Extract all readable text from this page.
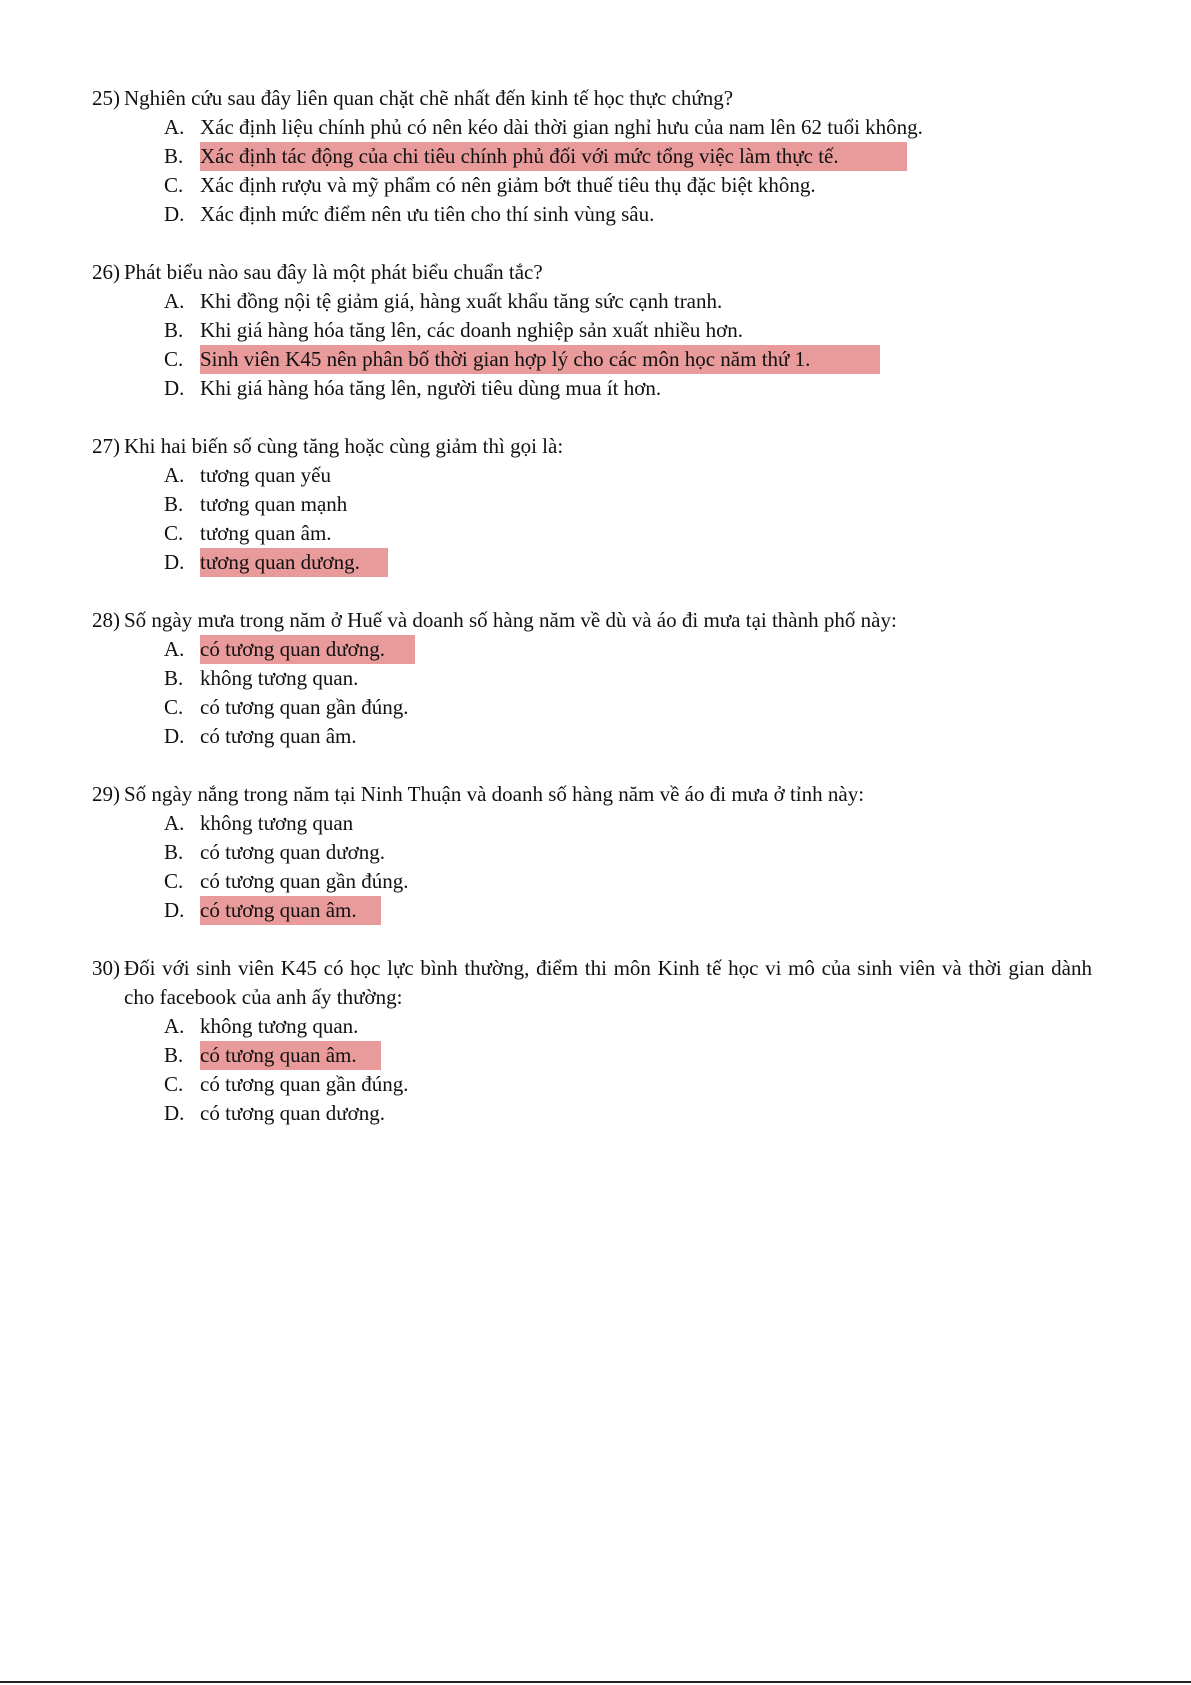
25) Nghiên cứu sau đây liên quan chặt chẽ nhất đến kinh tế học thực chứng?

A. Xác định liệu chính phủ có nên kéo dài thời gian nghỉ hưu của nam lên 62 tuổi không.
B. Xác định tác động của chi tiêu chính phủ đối với mức tổng việc làm thực tế.
C. Xác định rượu và mỹ phẩm có nên giảm bớt thuế tiêu thụ đặc biệt không.
D. Xác định mức điểm nên ưu tiên cho thí sinh vùng sâu.

26) Phát biểu nào sau đây là một phát biểu chuẩn tắc?

A. Khi đồng nội tệ giảm giá, hàng xuất khẩu tăng sức cạnh tranh.
B. Khi giá hàng hóa tăng lên, các doanh nghiệp sản xuất nhiều hơn.
C. Sinh viên K45 nên phân bố thời gian hợp lý cho các môn học năm thứ 1.
D. Khi giá hàng hóa tăng lên, người tiêu dùng mua ít hơn.

27) Khi hai biến số cùng tăng hoặc cùng giảm thì gọi là:

A. tương quan yếu
B. tương quan mạnh
C. tương quan âm.
D. tương quan dương.

28) Số ngày mưa trong năm ở Huế và doanh số hàng năm về dù và áo đi mưa tại thành phố này:

A. có tương quan dương.
B. không tương quan.
C. có tương quan gần đúng.
D. có tương quan âm.

29) Số ngày nắng trong năm tại Ninh Thuận và doanh số hàng năm về áo đi mưa ở tỉnh này:

A. không tương quan
B. có tương quan dương.
C. có tương quan gần đúng.
D. có tương quan âm.

30) Đối với sinh viên K45 có học lực bình thường, điểm thi môn Kinh tế học vi mô của sinh viên và thời gian dành cho facebook của anh ấy thường:

A. không tương quan.
B. có tương quan âm.
C. có tương quan gần đúng.
D. có tương quan dương.
